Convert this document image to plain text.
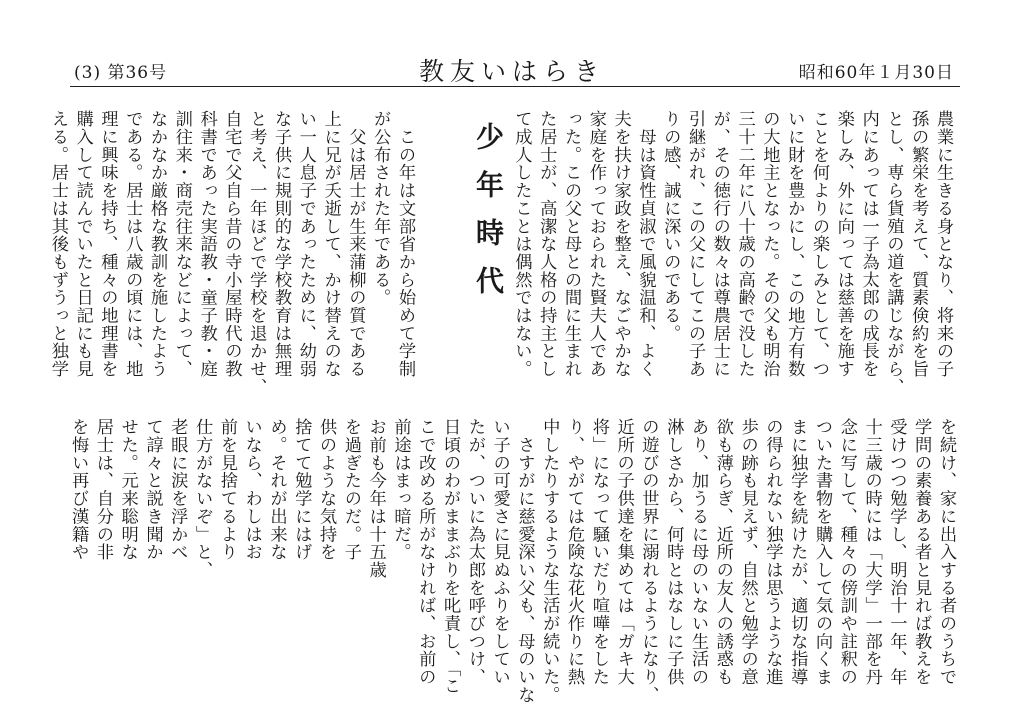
(3) 第36号	教友いはらき	昭和60年１月30日
農業に生きる身となり、将来の子
孫の繁栄を考えて、質素倹約を旨
とし、専ら貨殖の道を講じながら、
内にあっては一子為太郎の成長を
楽しみ、外に向っては慈善を施す
ことを何よりの楽しみとして、つ
いに財を豊かにし、この地方有数
の大地主となった。その父も明治
三十二年に八十歳の高齢で没した
が、その徳行の数々は尊農居士に
引継がれ、この父にしてこの子あ
りの感、誠に深いのである。
　母は資性貞淑で風貌温和、よく
夫を扶け家政を整え、なごやかな
家庭を作っておられた賢夫人であ
った。この父と母との間に生まれ
た居士が、高潔な人格の持主とし
て成人したことは偶然ではない。
少年時代
　この年は文部省から始めて学制
が公布された年である。
　父は居士が生来蒲柳の質である
上に兄が夭逝して、かけ替えのな
い一人息子であったために、幼弱
な子供に規則的な学校教育は無理
と考え、一年ほどで学校を退かせ、
自宅で父自ら昔の寺小屋時代の教
科書であった実語教・童子教・庭
訓往来・商売往来などによって、
なかなか厳格な教訓を施したよう
である。居士は八歳の頃には、地
理に興味を持ち、種々の地理書を
購入して読んでいたと日記にも見
える。居士は其後もずうっと独学
を続け、家に出入する者のうちで
学問の素養ある者と見れば教えを
受けつつ勉学し、明治十一年、年
十三歳の時には「大学」一部を丹
念に写して、種々の傍訓や註釈の
ついた書物を購入して気の向くま
まに独学を続けたが、適切な指導
の得られない独学は思うような進
歩の跡も見えず、自然と勉学の意
欲も薄らぎ、近所の友人の誘惑も
あり、加うるに母のいない生活の
淋しさから、何時とはなしに子供
の遊びの世界に溺れるようになり、
近所の子供達を集めては「ガキ大
将」になって騒いだり喧嘩をした
り、やがては危険な花火作りに熱
中したりするような生活が続いた。
　さすがに慈愛深い父も、母のいな
い子の可愛さに見ぬふりをしてい
たが、ついに為太郎を呼びつけ、
日頃のわがままぶりを叱責し、「こ
こで改める所がなければ、お前の
前途はまっ暗だ。
お前も今年は十五歳
を過ぎたのだ。子
供のような気持を
捨てて勉学にはげ
め。それが出来な
いなら、わしはお
前を見捨てるより
仕方がないぞ」と、
老眼に涙を浮かべ
て諄々と説き聞か
せた。元来聡明な
居士は、自分の非
を悔い再び漢籍や
